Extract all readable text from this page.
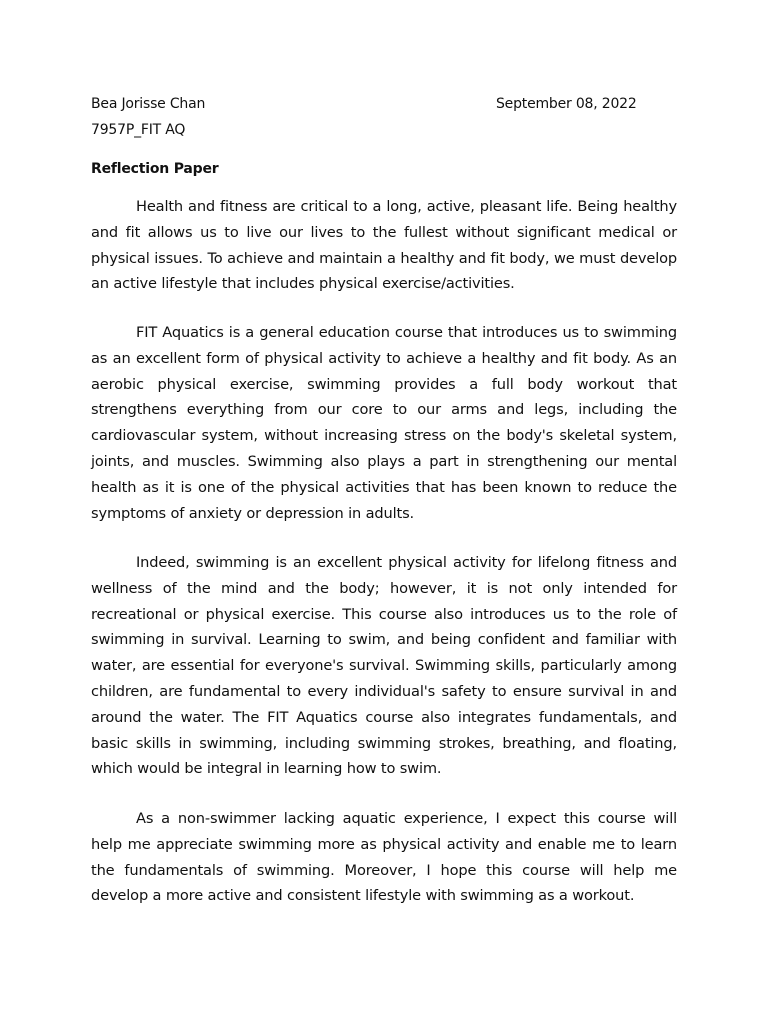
Bea Jorisse Chan	September 08, 2022
7957P_FIT AQ
Reflection Paper

Health and fitness are critical to a long, active, pleasant life. Being healthy and fit allows us to live our lives to the fullest without significant medical or physical issues. To achieve and maintain a healthy and fit body, we must develop an active lifestyle that includes physical exercise/activities.

FIT Aquatics is a general education course that introduces us to swimming as an excellent form of physical activity to achieve a healthy and fit body. As an aerobic physical exercise, swimming provides a full body workout that strengthens everything from our core to our arms and legs, including the cardiovascular system, without increasing stress on the body's skeletal system, joints, and muscles. Swimming also plays a part in strengthening our mental health as it is one of the physical activities that has been known to reduce the symptoms of anxiety or depression in adults.

Indeed, swimming is an excellent physical activity for lifelong fitness and wellness of the mind and the body; however, it is not only intended for recreational or physical exercise. This course also introduces us to the role of swimming in survival. Learning to swim, and being confident and familiar with water, are essential for everyone's survival. Swimming skills, particularly among children, are fundamental to every individual's safety to ensure survival in and around the water. The FIT Aquatics course also integrates fundamentals, and basic skills in swimming, including swimming strokes, breathing, and floating, which would be integral in learning how to swim.

As a non-swimmer lacking aquatic experience, I expect this course will help me appreciate swimming more as physical activity and enable me to learn the fundamentals of swimming. Moreover, I hope this course will help me develop a more active and consistent lifestyle with swimming as a workout.
